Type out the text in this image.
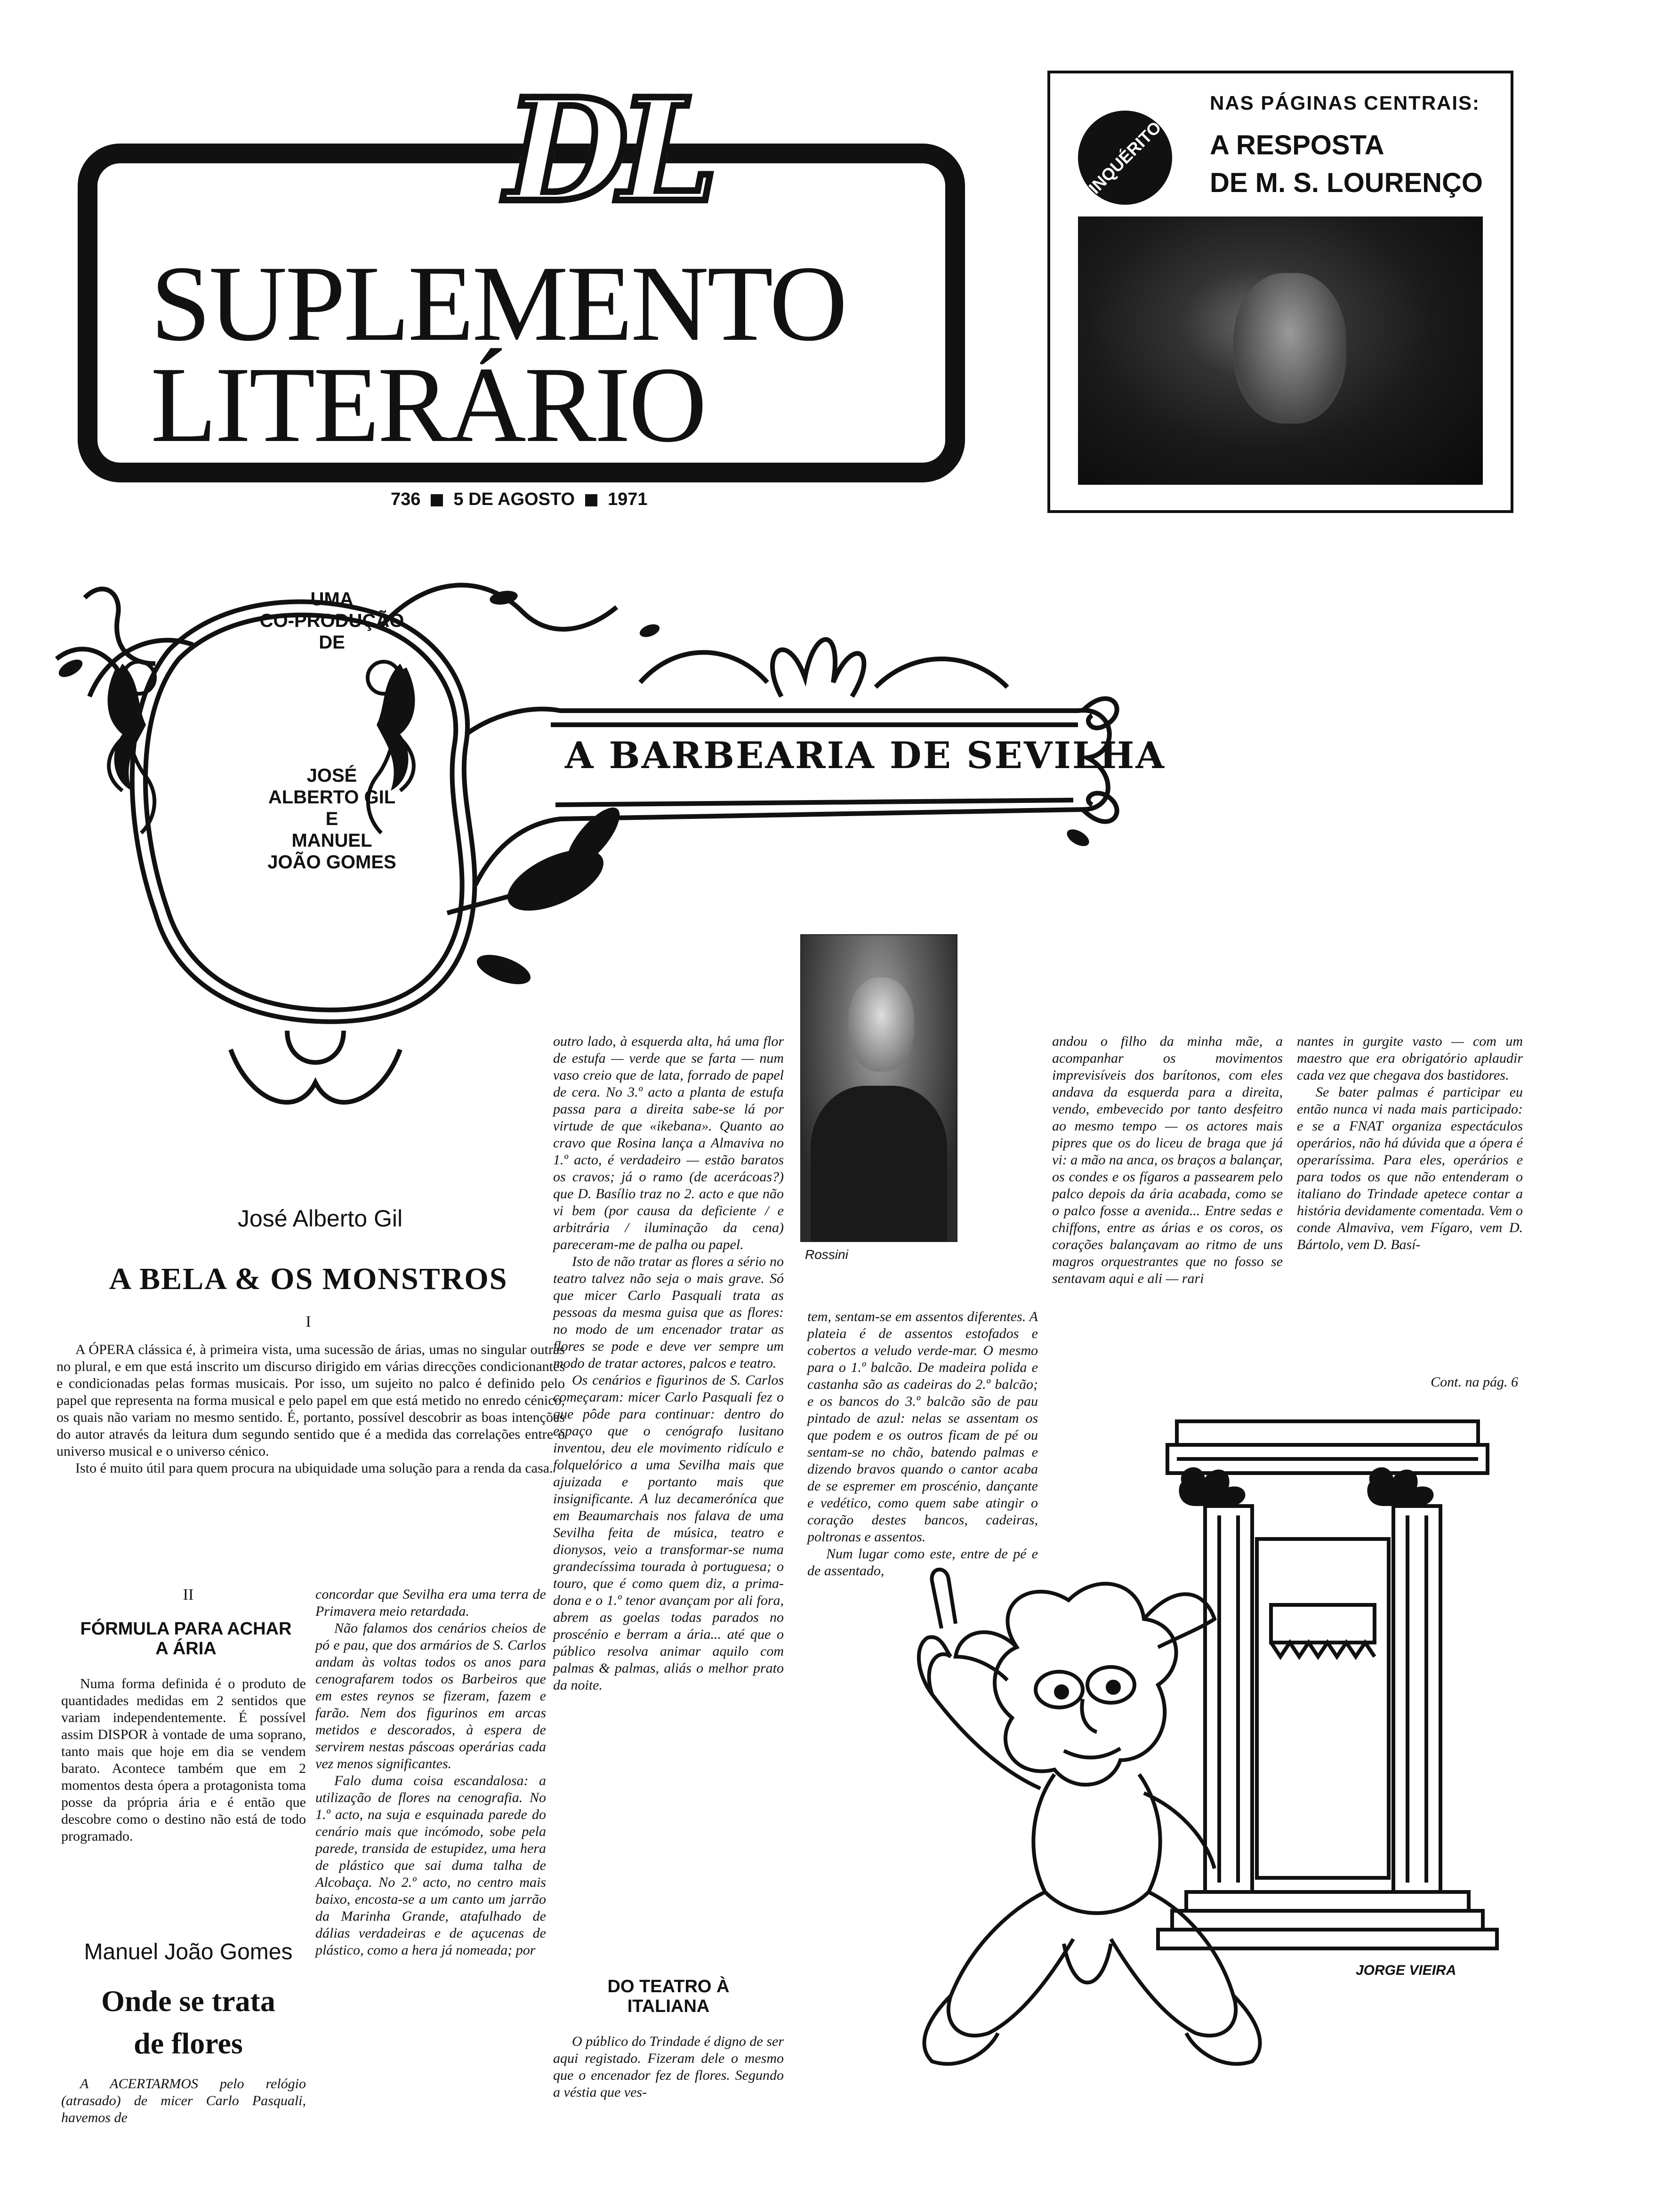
DL
SUPLEMENTO
LITERÁRIO
736 5 DE AGOSTO 1971
INQUÉRITO
NAS PÁGINAS CENTRAIS:
A RESPOSTA
DE M. S. LOURENÇO
UMA
CO-PRODUÇÃO
DE
JOSÉ
ALBERTO GIL
E
MANUEL
JOÃO GOMES
A BARBEARIA DE SEVILHA
Rossini
José Alberto Gil
A BELA & OS MONSTROS
I

A ÓPERA clássica é, à primeira vista, uma sucessão de árias, umas no singular outras no plural, e em que está inscrito um discurso dirigido em várias direcções condicionantes e condicionadas pelas formas musicais. Por isso, um sujeito no palco é definido pelo papel que representa na forma musical e pelo papel em que está metido no enredo cénico, os quais não variam no mesmo sentido. É, portanto, possível descobrir as boas intenções do autor através da leitura dum segundo sentido que é a medida das correlações entre o universo musical e o universo cénico.

Isto é muito útil para quem procura na ubiquidade uma solução para a renda da casa.

II
FÓRMULA PARA ACHAR A ÁRIA

Numa forma definida é o produto de quantidades medidas em 2 sentidos que variam independentemente. É possível assim DISPOR à vontade de uma soprano, tanto mais que hoje em dia se vendem barato. Acontece também que em 2 momentos desta ópera a protagonista toma posse da própria ária e é então que descobre como o destino não está de todo programado.

Manuel João Gomes
Onde se trata
de flores

A ACERTARMOS pelo relógio (atrasado) de micer Carlo Pasquali, havemos de

concordar que Sevilha era uma terra de Primavera meio retardada.

Não falamos dos cenários cheios de pó e pau, que dos armários de S. Carlos andam às voltas todos os anos para cenografarem todos os Barbeiros que em estes reynos se fizeram, fazem e farão. Nem dos figurinos em arcas metidos e descorados, à espera de servirem nestas páscoas operárias cada vez menos significantes.

Falo duma coisa escandalosa: a utilização de flores na cenografia. No 1.º acto, na suja e esquinada parede do cenário mais que incómodo, sobe pela parede, transida de estupidez, uma hera de plástico que sai duma talha de Alcobaça. No 2.º acto, no centro mais baixo, encosta-se a um canto um jarrão da Marinha Grande, atafulhado de dálias verdadeiras e de açucenas de plástico, como a hera já nomeada; por

outro lado, à esquerda alta, há uma flor de estufa — verde que se farta — num vaso creio que de lata, forrado de papel de cera. No 3.º acto a planta de estufa passa para a direita sabe-se lá por virtude de que «ikebana». Quanto ao cravo que Rosina lança a Almaviva no 1.º acto, é verdadeiro — estão baratos os cravos; já o ramo (de acerácoas?) que D. Basílio traz no 2. acto e que não vi bem (por causa da deficiente / e arbitrária / iluminação da cena) pareceram-me de palha ou papel.

Isto de não tratar as flores a sério no teatro talvez não seja o mais grave. Só que micer Carlo Pasquali trata as pessoas da mesma guisa que as flores: no modo de um encenador tratar as flores se pode e deve ver sempre um modo de tratar actores, palcos e teatro.

Os cenários e figurinos de S. Carlos começaram: micer Carlo Pasquali fez o que pôde para continuar: dentro do espaço que o cenógrafo lusitano inventou, deu ele movimento ridículo e folquelórico a uma Sevilha mais que ajuizada e portanto mais que insignificante. A luz decameróníca que em Beaumarchais nos falava de uma Sevilha feita de música, teatro e dionysos, veio a transformar-se numa grandecíssima tourada à portuguesa; o touro, que é como quem diz, a prima-dona e o 1.º tenor avançam por ali fora, abrem as goelas todas parados no proscénio e berram a ária... até que o público resolva animar aquilo com palmas & palmas, aliás o melhor prato da noite.

DO TEATRO À ITALIANA

O público do Trindade é digno de ser aqui registado. Fizeram dele o mesmo que o encenador fez de flores. Segundo a véstia que ves-

tem, sentam-se em assentos diferentes. A plateia é de assentos estofados e cobertos a veludo verde-mar. O mesmo para o 1.º balcão. De madeira polida e castanha são as cadeiras do 2.º balcão; e os bancos do 3.º balcão são de pau pintado de azul: nelas se assentam os que podem e os outros ficam de pé ou sentam-se no chão, batendo palmas e dizendo bravos quando o cantor acaba de se espremer em proscénio, dançante e vedético, como quem sabe atingir o coração destes bancos, cadeiras, poltronas e assentos.

Num lugar como este, entre de pé e de assentado,

andou o filho da minha mãe, a acompanhar os movimentos imprevisíveis dos barítonos, com eles andava da esquerda para a direita, vendo, embevecido por tanto desfeitro ao mesmo tempo — os actores mais pipres que os do liceu de braga que já vi: a mão na anca, os braços a balançar, os condes e os fígaros a passearem pelo palco depois da ária acabada, como se o palco fosse a avenida... Entre sedas e chiffons, entre as árias e os coros, os corações balançavam ao ritmo de uns magros orquestrantes que no fosso se sentavam aqui e ali — rari

nantes in gurgite vasto — com um maestro que era obrigatório aplaudir cada vez que chegava dos bastidores.

Se bater palmas é participar eu então nunca vi nada mais participado: e se a FNAT organiza espectáculos operários, não há dúvida que a ópera é operaríssima. Para eles, operários e para todos os que não entenderam o italiano do Trindade apetece contar a história devidamente comentada. Vem o conde Almaviva, vem Fígaro, vem D. Bártolo, vem D. Basí-

Cont. na pág. 6
JORGE VIEIRA
